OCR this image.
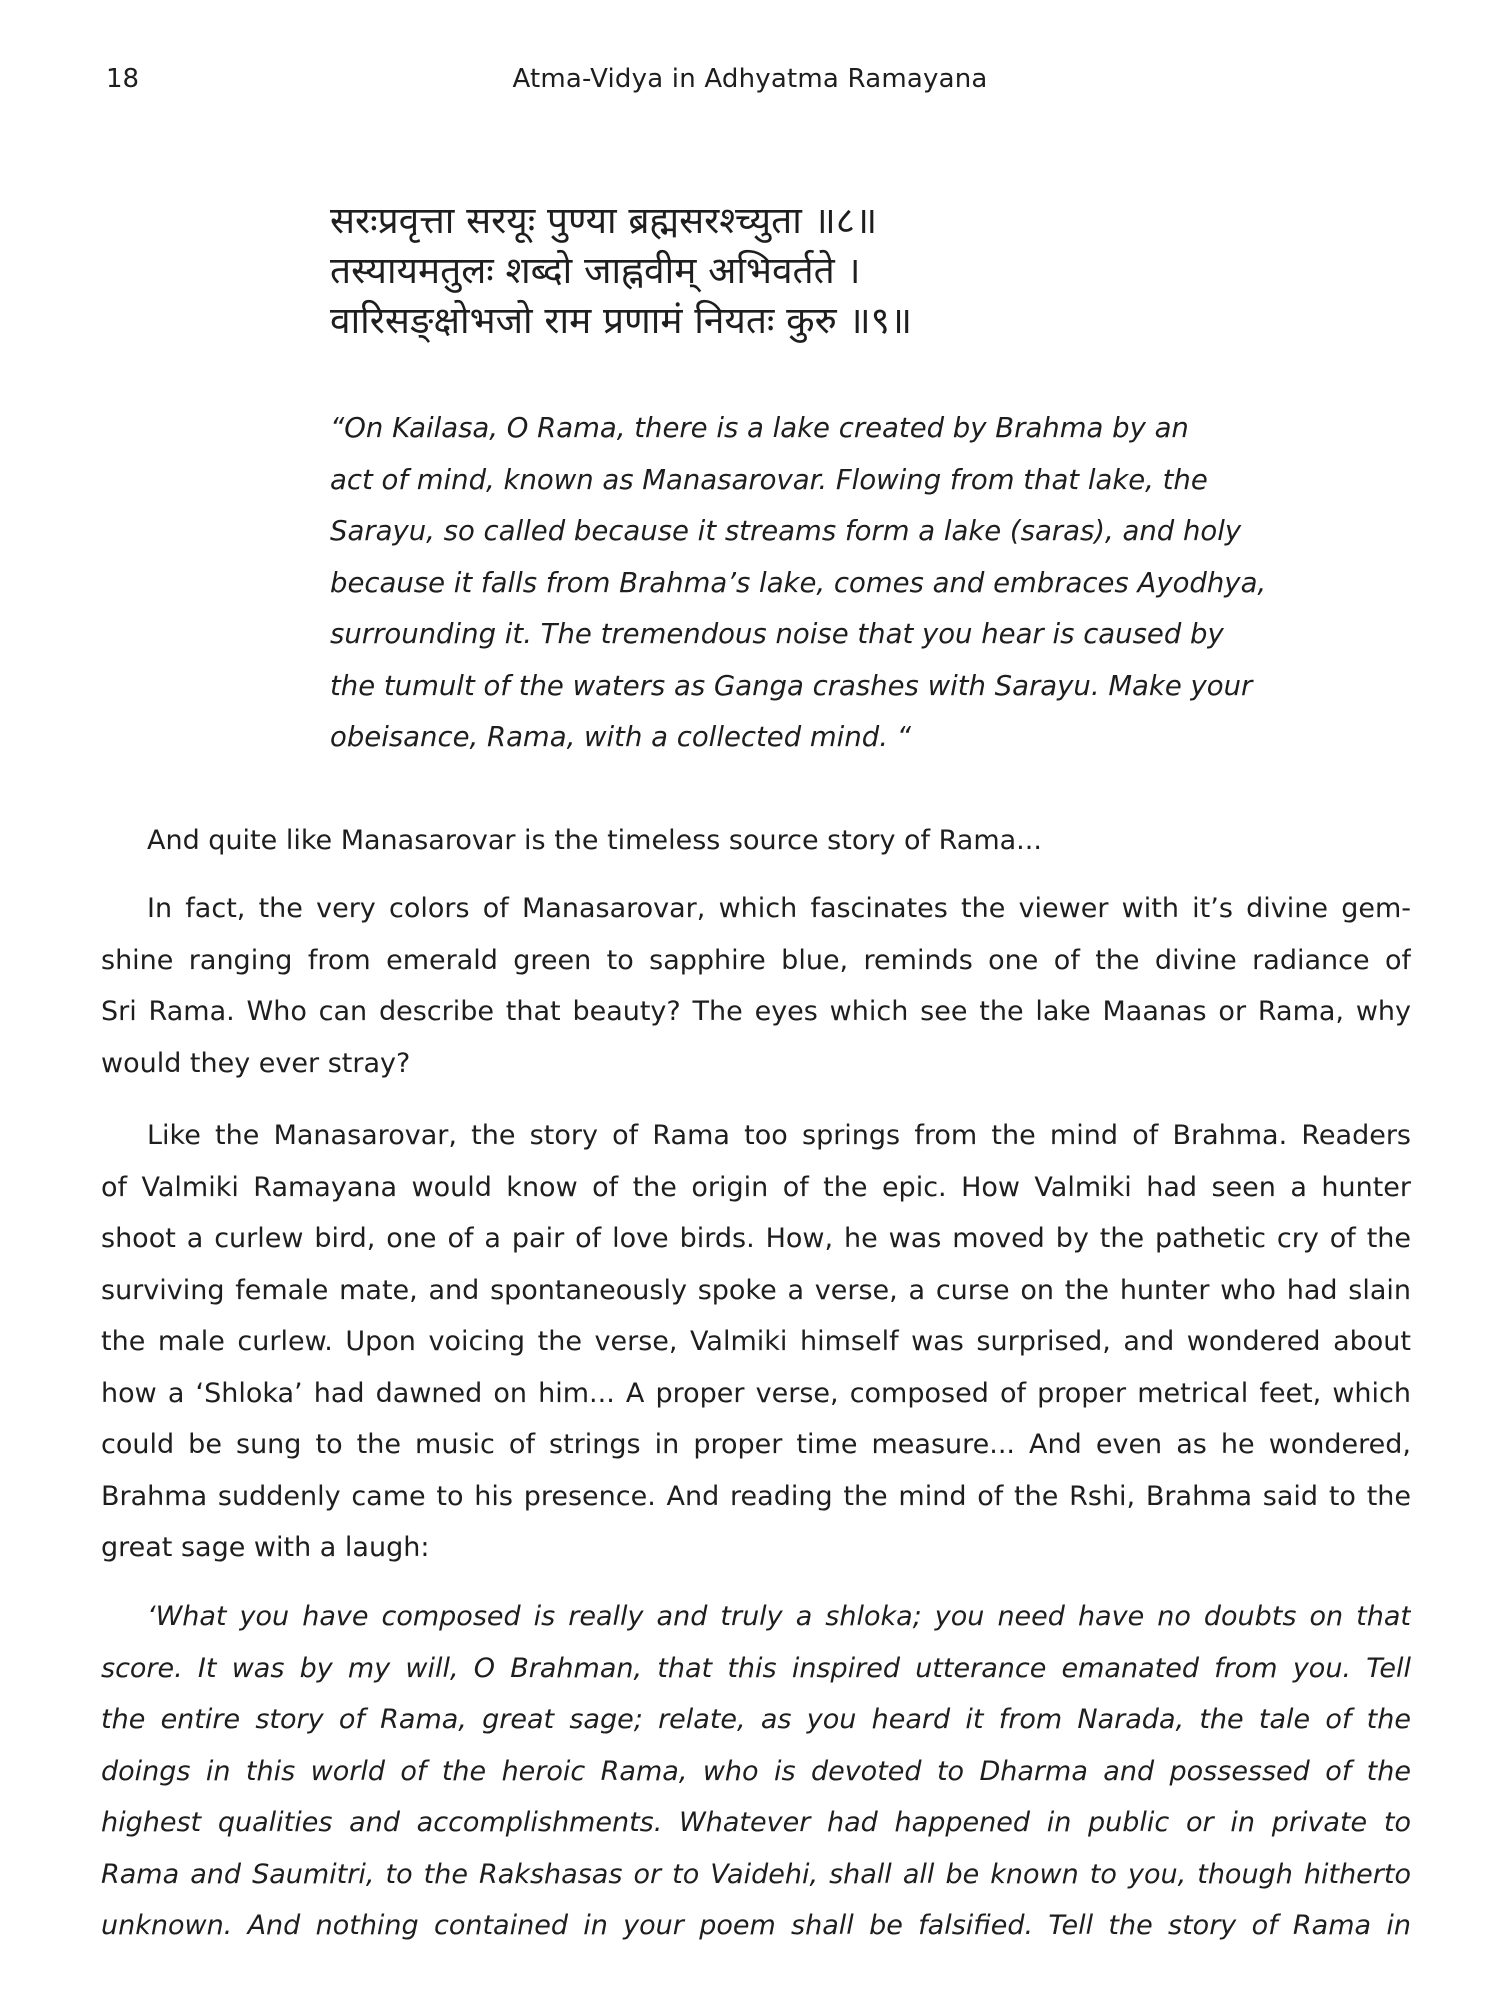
18	Atma-Vidya in Adhyatma Ramayana
सरःप्रवृत्ता सरयूः पुण्या ब्रह्मसरश्च्युता ॥८॥
तस्यायमतुलः शब्दो जाह्नवीम् अभिवर्तते ।
वारिसङ्क्षोभजो राम प्रणामं नियतः कुरु ॥९॥
“On Kailasa, O Rama, there is a lake created by Brahma by an
act of mind, known as Manasarovar. Flowing from that lake, the
Sarayu, so called because it streams form a lake (saras), and holy
because it falls from Brahma’s lake, comes and embraces Ayodhya,
surrounding it. The tremendous noise that you hear is caused by
the tumult of the waters as Ganga crashes with Sarayu. Make your
obeisance, Rama, with a collected mind. “
And quite like Manasarovar is the timeless source story of Rama...
In fact, the very colors of Manasarovar, which fascinates the viewer with it’s divine gem-
shine ranging from emerald green to sapphire blue, reminds one of the divine radiance of
Sri Rama. Who can describe that beauty? The eyes which see the lake Maanas or Rama, why
would they ever stray?
Like the Manasarovar, the story of Rama too springs from the mind of Brahma. Readers
of Valmiki Ramayana would know of the origin of the epic. How Valmiki had seen a hunter
shoot a curlew bird, one of a pair of love birds. How, he was moved by the pathetic cry of the
surviving female mate, and spontaneously spoke a verse, a curse on the hunter who had slain
the male curlew. Upon voicing the verse, Valmiki himself was surprised, and wondered about
how a ‘Shloka’ had dawned on him... A proper verse, composed of proper metrical feet, which
could be sung to the music of strings in proper time measure... And even as he wondered,
Brahma suddenly came to his presence. And reading the mind of the Rshi, Brahma said to the
great sage with a laugh:
‘What you have composed is really and truly a shloka; you need have no doubts on that
score. It was by my will, O Brahman, that this inspired utterance emanated from you. Tell
the entire story of Rama, great sage; relate, as you heard it from Narada, the tale of the
doings in this world of the heroic Rama, who is devoted to Dharma and possessed of the
highest qualities and accomplishments. Whatever had happened in public or in private to
Rama and Saumitri, to the Rakshasas or to Vaidehi, shall all be known to you, though hitherto
unknown. And nothing contained in your poem shall be falsified. Tell the story of Rama in
